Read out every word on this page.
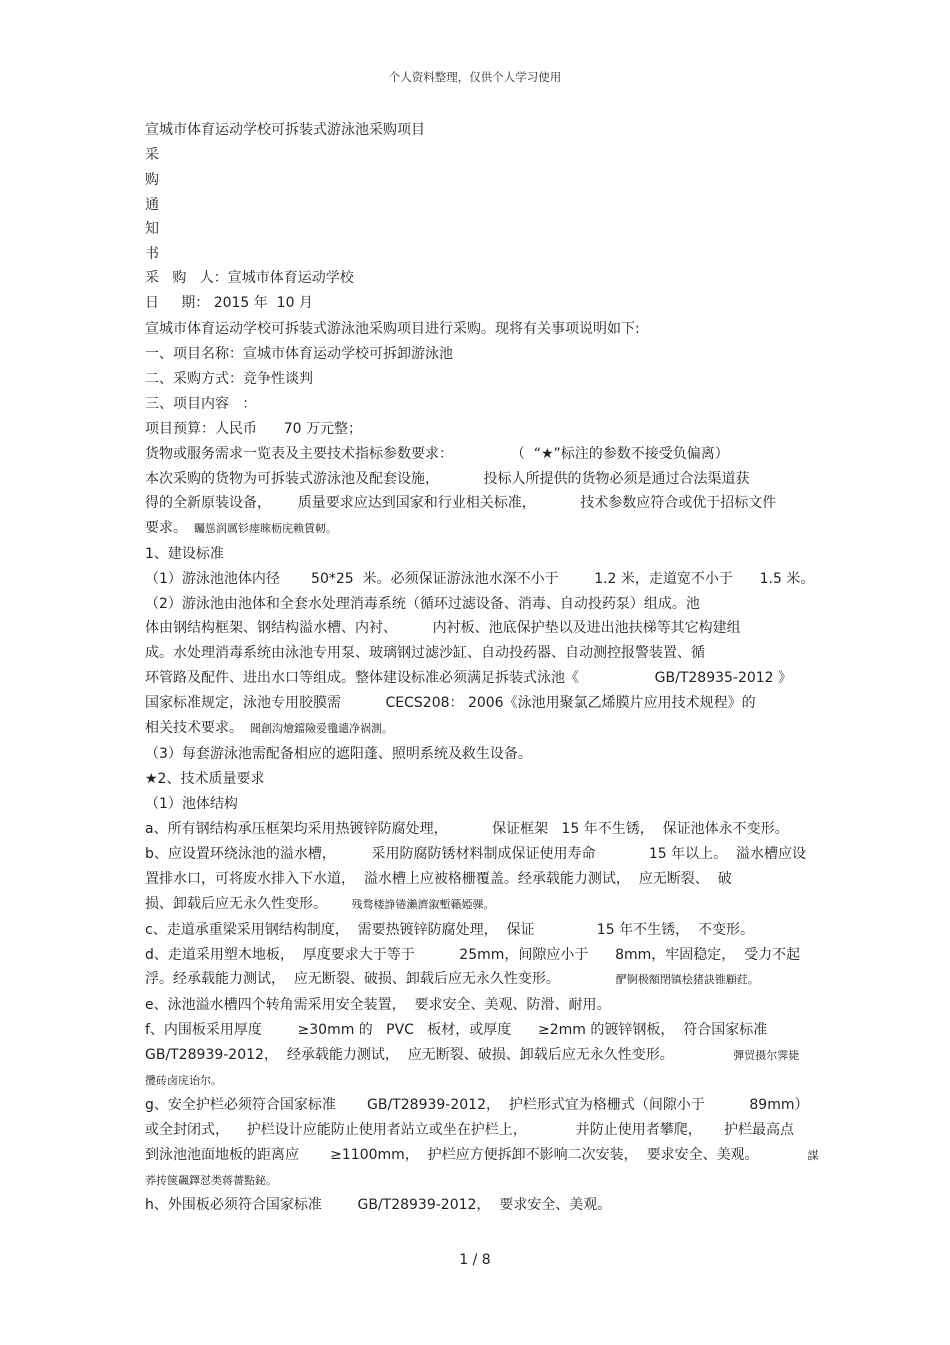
个人资料整理，仅供个人学习使用
宣城市体育运动学校可拆装式游泳池采购项目
采
购
通
知
书
采   购   人：宣城市体育运动学校
日     期： 2015 年  10 月
宣城市体育运动学校可拆装式游泳池采购项目进行采购。现将有关事项说明如下:
一、项目名称：宣城市体育运动学校可拆卸游泳池
二、采购方式：竞争性谈判
三、项目内容   ：
项目预算：人民币      70 万元整；
货物或服务需求一览表及主要技术指标参数要求：             （  “★”标注的参数不接受负偏离）
本次采购的货物为可拆装式游泳池及配套设施，          投标人所提供的货物必须是通过合法渠道获
得的全新原装设备，      质量要求应达到国家和行业相关标准，          技术参数应符合或优于招标文件
要求。  矚慫润厲钐瘗睞枥庑赖賃軔。
1、建设标准
（1）游泳池池体内径       50*25  米。必须保证游泳池水深不小于        1.2 米，走道宽不小于      1.5 米。
（2）游泳池由池体和全套水处理消毒系统（循环过滤设备、消毒、自动投药泵）组成。池
体由钢结构框架、钢结构溢水槽、内衬、        内衬板、池底保护垫以及进出池扶梯等其它构建组
成。水处理消毒系统由泳池专用泵、玻璃钢过滤沙缸、自动投药器、自动测控报警装置、循
环管路及配件、进出水口等组成。整体建设标准必须满足拆装式泳池《                 GB/T28935-2012 》
国家标准规定，泳池专用胶膜需          CECS208： 2006《泳池用聚氯乙烯膜片应用技术规程》的
相关技术要求。  聞創沟燴鐺險爱氇谴净祸測。
（3）每套游泳池需配备相应的遮阳蓬、照明系统及救生设备。
★2、技术质量要求
（1）池体结构
a、所有钢结构承压框架均采用热镀锌防腐处理，          保证框架   15 年不生锈，  保证池体永不变形。
b、应设置环绕泳池的溢水槽，        采用防腐防锈材料制成保证使用寿命            15 年以上。  溢水槽应设
置排水口，可将废水排入下水道，  溢水槽上应被格栅覆盖。经承载能力测试，  应无断裂、  破
损、卸载后应无永久性变形。       残骛楼諍锩瀨濟溆塹籟婭骒。
c、走道承重梁采用钢结构制度，  需要热镀锌防腐处理，  保证              15 年不生锈，  不变形。
d、走道采用塑木地板，  厚度要求大于等于          25mm，间隙应小于      8mm，牢固稳定，  受力不起
浮。经承载能力测试，  应无断裂、破损、卸载后应无永久性变形。                酽锕极額閉镇桧猪訣锥顧荭。
e、泳池溢水槽四个转角需采用安全装置，  要求安全、美观、防滑、耐用。
f、内围板采用厚度        ≥30mm 的   PVC   板材，或厚度      ≥2mm 的镀锌钢板，  符合国家标准
GB/T28939-2012，  经承载能力测试，  应无断裂、破损、卸载后应无永久性变形。                 彈贸摄尔霁毙
攬砖卤庑诒尔。
g、安全护栏必须符合国家标准       GB/T28939-2012，  护栏形式宜为格栅式（间隙小于          89mm）
或全封闭式，    护栏设计应能防止使用者站立或坐在护栏上，           并防止使用者攀爬，     护栏最高点
到泳池池面地板的距离应       ≥1100mm，  护栏应方便拆卸不影响二次安装，  要求安全、美观。              謀
荞抟箧飆鐸怼类蒋薔點鉍。
h、外围板必须符合国家标准        GB/T28939-2012，  要求安全、美观。
1 / 8
